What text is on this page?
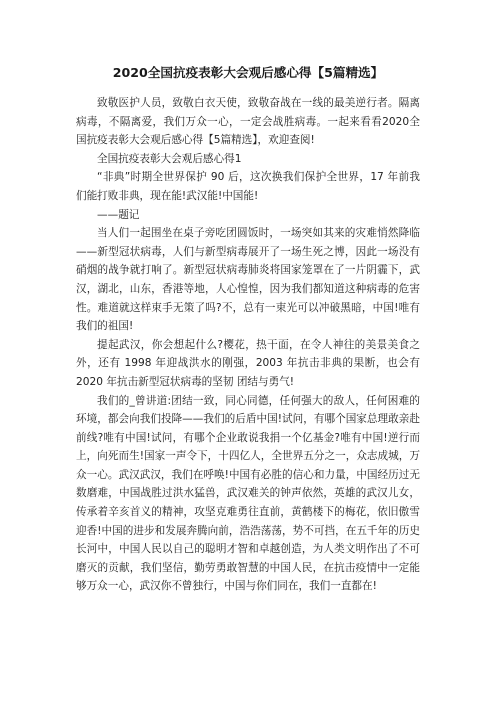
2020全国抗疫表彰大会观后感心得【5篇精选】

致敬医护人员，致敬白衣天使，致敬奋战在一线的最美逆行者。隔离病毒，不隔离爱，我们万众一心，一定会战胜病毒。一起来看看2020全国抗疫表彰大会观后感心得【5篇精选】，欢迎查阅!

全国抗疫表彰大会观后感心得1

“非典”时期全世界保护 90 后，这次换我们保护全世界，17 年前我们能打败非典，现在能!武汉能!中国能!

——题记

当人们一起围坐在桌子旁吃团圆饭时，一场突如其来的灾难悄然降临——新型冠状病毒，人们与新型病毒展开了一场生死之博，因此一场没有硝烟的战争就打响了。新型冠状病毒肺炎将国家笼罩在了一片阴霾下，武汉，湖北，山东，香港等地，人心惶惶，因为我们都知道这种病毒的危害性。难道就这样束手无策了吗?不，总有一束光可以冲破黑暗，中国!唯有我们的祖国!

提起武汉，你会想起什么?樱花，热干面，在令人神往的美景美食之外，还有 1998 年迎战洪水的刚强，2003 年抗击非典的果断，也会有 2020 年抗击新型冠状病毒的坚韧 团结与勇气!

我们的_曾讲道:团结一致，同心同德，任何强大的敌人，任何困难的环境，都会向我们投降——我们的后盾中国!试问，有哪个国家总理敢亲赴前线?唯有中国!试问，有哪个企业敢说我捐一个亿基金?唯有中国!逆行而上，向死而生!国家一声令下，十四亿人，全世界五分之一，众志成城，万众一心。武汉武汉，我们在呼唤!中国有必胜的信心和力量，中国经历过无数磨难，中国战胜过洪水猛兽，武汉难关的钟声依然，英雄的武汉儿女，传承着辛亥首义的精神，攻坚克难勇往直前，黄鹤楼下的梅花，依旧傲雪迎香!中国的进步和发展奔腾向前，浩浩荡荡，势不可挡，在五千年的历史长河中，中国人民以自己的聪明才智和卓越创造，为人类文明作出了不可磨灭的贡献，我们坚信，勤劳勇敢智慧的中国人民，在抗击疫情中一定能够万众一心，武汉你不曾独行，中国与你们同在，我们一直都在!
